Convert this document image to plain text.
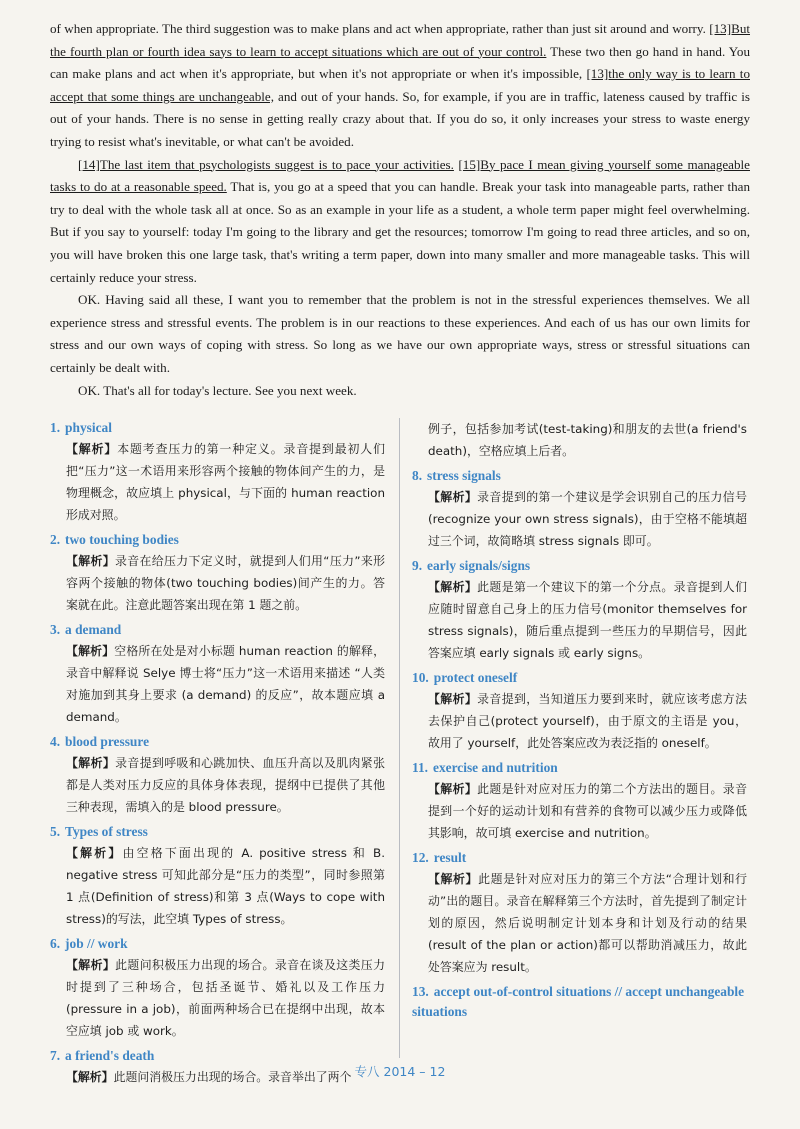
of when appropriate. The third suggestion was to make plans and act when appropriate, rather than just sit around and worry. [13]But the fourth plan or fourth idea says to learn to accept situations which are out of your control. These two then go hand in hand. You can make plans and act when it's appropriate, but when it's not appropriate or when it's impossible, [13]the only way is to learn to accept that some things are unchangeable, and out of your hands. So, for example, if you are in traffic, lateness caused by traffic is out of your hands. There is no sense in getting really crazy about that. If you do so, it only increases your stress to waste energy trying to resist what's inevitable, or what can't be avoided.

[14]The last item that psychologists suggest is to pace your activities. [15]By pace I mean giving yourself some manageable tasks to do at a reasonable speed. That is, you go at a speed that you can handle. Break your task into manageable parts, rather than try to deal with the whole task all at once. So as an example in your life as a student, a whole term paper might feel overwhelming. But if you say to yourself: today I'm going to the library and get the resources; tomorrow I'm going to read three articles, and so on, you will have broken this one large task, that's writing a term paper, down into many smaller and more manageable tasks. This will certainly reduce your stress.

OK. Having said all these, I want you to remember that the problem is not in the stressful experiences themselves. We all experience stress and stressful events. The problem is in our reactions to these experiences. And each of us has our own limits for stress and our own ways of coping with stress. So long as we have our own appropriate ways, stress or stressful situations can certainly be dealt with.

OK. That's all for today's lecture. See you next week.

1. physical
【解析】本题考查压力的第一种定义。录音提到最初人们把“压力”这一术语用来形容两个接触的物体间产生的力，是物理概念，故应填上 physical，与下面的 human reaction 形成对照。
2. two touching bodies
【解析】录音在给压力下定义时，就提到人们用“压力”来形容两个接触的物体(two touching bodies)间产生的力。答案就在此。注意此题答案出现在第 1 题之前。
3. a demand
【解析】空格所在处是对小标题 human reaction 的解释，录音中解释说 Selye 博士将“压力”这一术语用来描述 “人类对施加到其身上要求 (a demand) 的反应”，故本题应填 a demand。
4. blood pressure
【解析】录音提到呼吸和心跳加快、血压升高以及肌肉紧张都是人类对压力反应的具体身体表现，提纲中已提供了其他三种表现，需填入的是 blood pressure。
5. Types of stress
【解析】由空格下面出现的 A. positive stress 和 B. negative stress 可知此部分是“压力的类型”，同时参照第 1 点(Definition of stress)和第 3 点(Ways to cope with stress)的写法，此空填 Types of stress。
6. job // work
【解析】此题问积极压力出现的场合。录音在谈及这类压力时提到了三种场合，包括圣诞节、婚礼以及工作压力(pressure in a job)，前面两种场合已在提纲中出现，故本空应填 job 或 work。
7. a friend's death
【解析】此题问消极压力出现的场合。录音举出了两个
例子，包括参加考试(test-taking)和朋友的去世(a friend's death)，空格应填上后者。
8. stress signals
【解析】录音提到的第一个建议是学会识别自己的压力信号(recognize your own stress signals)，由于空格不能填超过三个词，故简略填 stress signals 即可。
9. early signals/signs
【解析】此题是第一个建议下的第一个分点。录音提到人们应随时留意自己身上的压力信号(monitor themselves for stress signals)，随后重点提到一些压力的早期信号，因此答案应填 early signals 或 early signs。
10. protect oneself
【解析】录音提到，当知道压力要到来时，就应该考虑方法去保护自己(protect yourself)，由于原文的主语是 you，故用了 yourself，此处答案应改为表泛指的 oneself。
11. exercise and nutrition
【解析】此题是针对应对压力的第二个方法出的题目。录音提到一个好的运动计划和有营养的食物可以减少压力或降低其影响，故可填 exercise and nutrition。
12. result
【解析】此题是针对应对压力的第三个方法“合理计划和行动”出的题目。录音在解释第三个方法时，首先提到了制定计划的原因，然后说明制定计划本身和计划及行动的结果 (result of the plan or action)都可以帮助消减压力，故此处答案应为 result。
13. accept out-of-control situations // accept unchangeable situations
专八 2014 – 12
